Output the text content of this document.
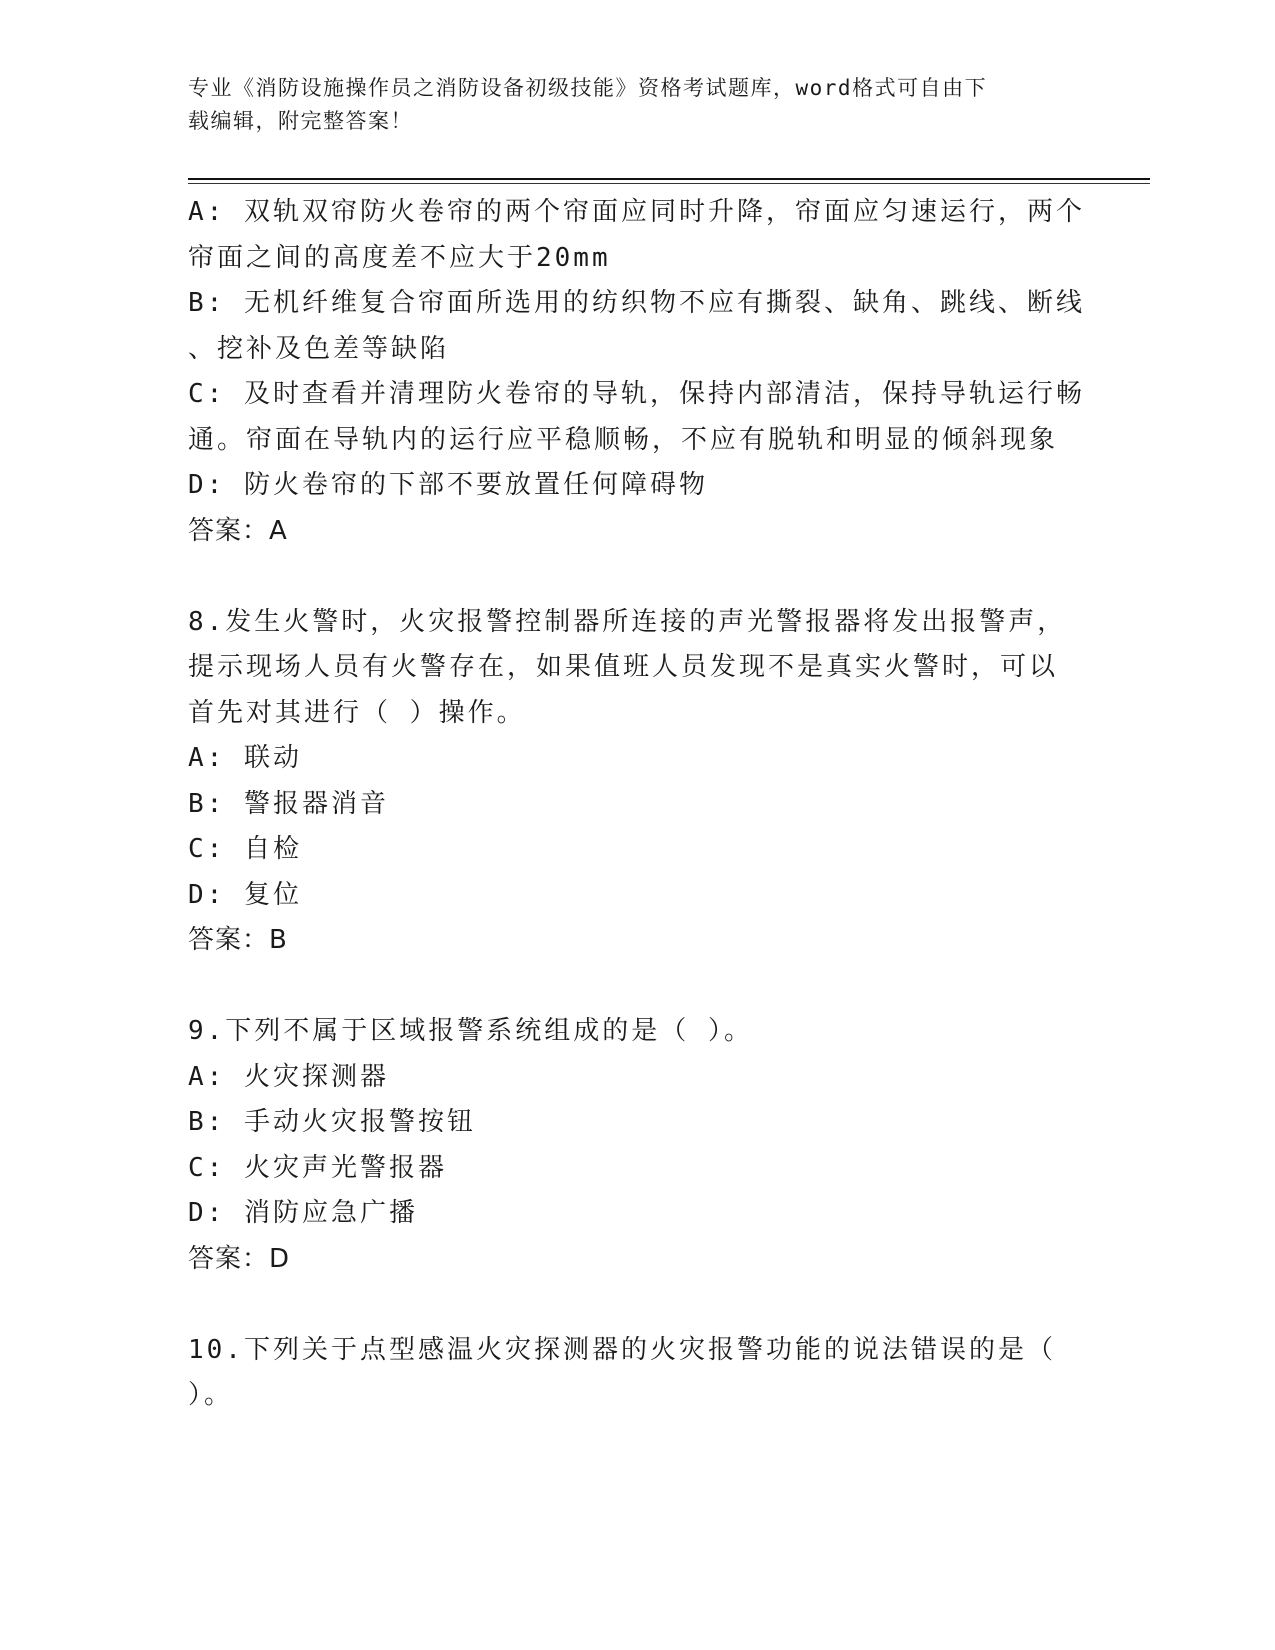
专业《消防设施操作员之消防设备初级技能》资格考试题库，word格式可自由下
载编辑，附完整答案！
A: 双轨双帘防火卷帘的两个帘面应同时升降，帘面应匀速运行，两个
帘面之间的高度差不应大于20mm
B: 无机纤维复合帘面所选用的纺织物不应有撕裂、缺角、跳线、断线
、挖补及色差等缺陷
C: 及时查看并清理防火卷帘的导轨，保持内部清洁，保持导轨运行畅
通。帘面在导轨内的运行应平稳顺畅，不应有脱轨和明显的倾斜现象
D: 防火卷帘的下部不要放置任何障碍物
答案：A
8.发生火警时，火灾报警控制器所连接的声光警报器将发出报警声，
提示现场人员有火警存在，如果值班人员发现不是真实火警时，可以
首先对其进行（ ）操作。
A: 联动
B: 警报器消音
C: 自检
D: 复位
答案：B
9.下列不属于区域报警系统组成的是（ ）。
A: 火灾探测器
B: 手动火灾报警按钮
C: 火灾声光警报器
D: 消防应急广播
答案：D
10.下列关于点型感温火灾探测器的火灾报警功能的说法错误的是（
）。
